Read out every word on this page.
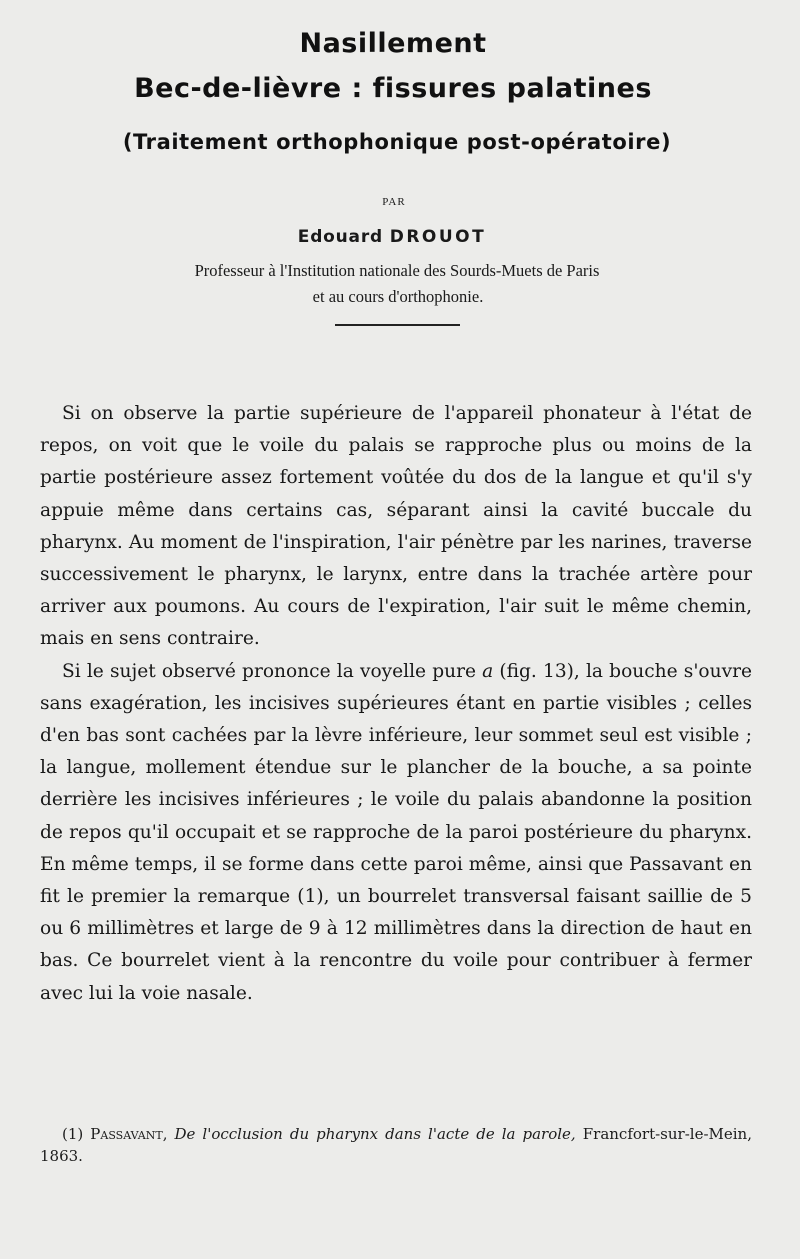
Nasillement
Bec-de-lièvre : fissures palatines
(Traitement orthophonique post-opératoire)
PAR
Edouard DROUOT
Professeur à l'Institution nationale des Sourds-Muets de Paris
et au cours d'orthophonie.

Si on observe la partie supérieure de l'appareil phonateur à l'état de repos, on voit que le voile du palais se rapproche plus ou moins de la partie postérieure assez fortement voûtée du dos de la langue et qu'il s'y appuie même dans certains cas, séparant ainsi la cavité buccale du pharynx. Au moment de l'inspiration, l'air pénètre par les narines, traverse successivement le pharynx, le larynx, entre dans la trachée artère pour arriver aux poumons. Au cours de l'expiration, l'air suit le même chemin, mais en sens contraire.

Si le sujet observé prononce la voyelle pure a (fig. 13), la bouche s'ouvre sans exagération, les incisives supérieures étant en partie visibles ; celles d'en bas sont cachées par la lèvre inférieure, leur sommet seul est visible ; la langue, mollement étendue sur le plancher de la bouche, a sa pointe derrière les incisives inférieures ; le voile du palais abandonne la position de repos qu'il occupait et se rapproche de la paroi postérieure du pharynx. En même temps, il se forme dans cette paroi même, ainsi que Passavant en fit le premier la remarque (1), un bourrelet transversal faisant saillie de 5 ou 6 millimètres et large de 9 à 12 millimètres dans la direction de haut en bas. Ce bourrelet vient à la rencontre du voile pour contribuer à fermer avec lui la voie nasale.

(1) Passavant, De l'occlusion du pharynx dans l'acte de la parole, Francfort-sur-le-Mein, 1863.
